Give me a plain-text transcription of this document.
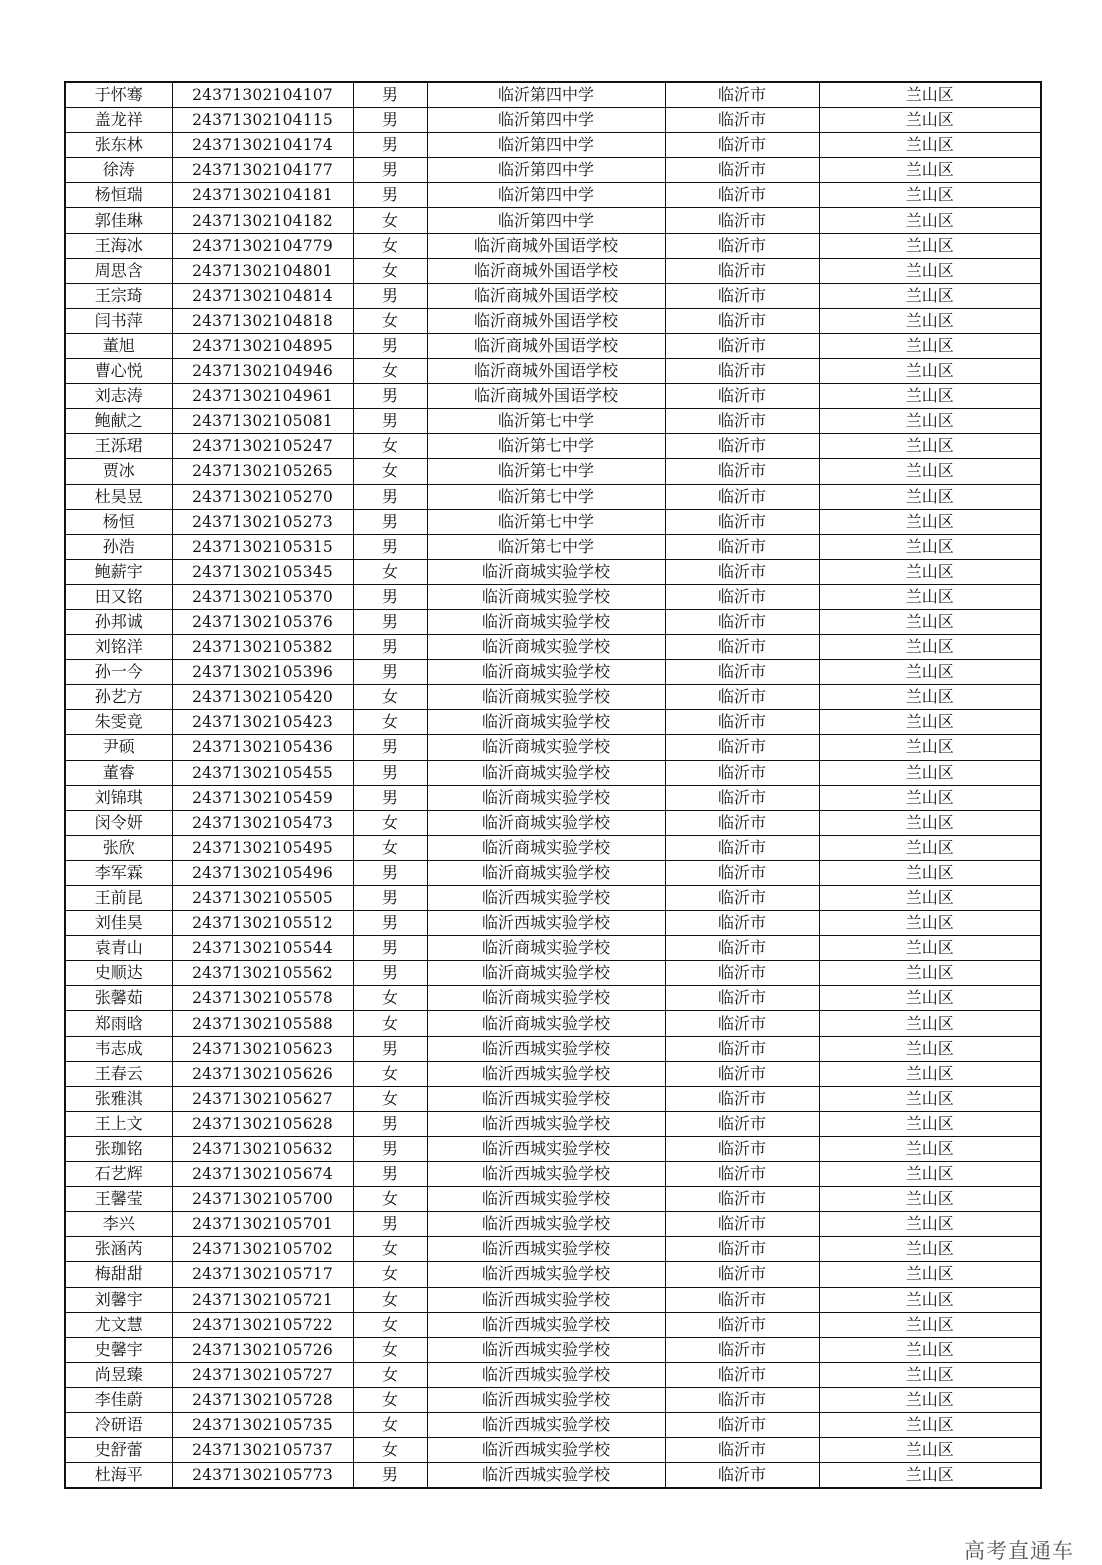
于怀骞	24371302104107	男	临沂第四中学	临沂市	兰山区
盖龙祥	24371302104115	男	临沂第四中学	临沂市	兰山区
张东林	24371302104174	男	临沂第四中学	临沂市	兰山区
徐涛	24371302104177	男	临沂第四中学	临沂市	兰山区
杨恒瑞	24371302104181	男	临沂第四中学	临沂市	兰山区
郭佳琳	24371302104182	女	临沂第四中学	临沂市	兰山区
王海冰	24371302104779	女	临沂商城外国语学校	临沂市	兰山区
周思含	24371302104801	女	临沂商城外国语学校	临沂市	兰山区
王宗琦	24371302104814	男	临沂商城外国语学校	临沂市	兰山区
闫书萍	24371302104818	女	临沂商城外国语学校	临沂市	兰山区
董旭	24371302104895	男	临沂商城外国语学校	临沂市	兰山区
曹心悦	24371302104946	女	临沂商城外国语学校	临沂市	兰山区
刘志涛	24371302104961	男	临沂商城外国语学校	临沂市	兰山区
鲍献之	24371302105081	男	临沂第七中学	临沂市	兰山区
王泺珺	24371302105247	女	临沂第七中学	临沂市	兰山区
贾冰	24371302105265	女	临沂第七中学	临沂市	兰山区
杜昊昱	24371302105270	男	临沂第七中学	临沂市	兰山区
杨恒	24371302105273	男	临沂第七中学	临沂市	兰山区
孙浩	24371302105315	男	临沂第七中学	临沂市	兰山区
鲍薪宇	24371302105345	女	临沂商城实验学校	临沂市	兰山区
田又铭	24371302105370	男	临沂商城实验学校	临沂市	兰山区
孙邦诚	24371302105376	男	临沂商城实验学校	临沂市	兰山区
刘铭洋	24371302105382	男	临沂商城实验学校	临沂市	兰山区
孙一今	24371302105396	男	临沂商城实验学校	临沂市	兰山区
孙艺方	24371302105420	女	临沂商城实验学校	临沂市	兰山区
朱雯竟	24371302105423	女	临沂商城实验学校	临沂市	兰山区
尹硕	24371302105436	男	临沂商城实验学校	临沂市	兰山区
董睿	24371302105455	男	临沂商城实验学校	临沂市	兰山区
刘锦琪	24371302105459	男	临沂商城实验学校	临沂市	兰山区
闵令妍	24371302105473	女	临沂商城实验学校	临沂市	兰山区
张欣	24371302105495	女	临沂商城实验学校	临沂市	兰山区
李军霖	24371302105496	男	临沂商城实验学校	临沂市	兰山区
王前昆	24371302105505	男	临沂西城实验学校	临沂市	兰山区
刘佳昊	24371302105512	男	临沂西城实验学校	临沂市	兰山区
袁青山	24371302105544	男	临沂商城实验学校	临沂市	兰山区
史顺达	24371302105562	男	临沂商城实验学校	临沂市	兰山区
张馨茹	24371302105578	女	临沂商城实验学校	临沂市	兰山区
郑雨晗	24371302105588	女	临沂商城实验学校	临沂市	兰山区
韦志成	24371302105623	男	临沂西城实验学校	临沂市	兰山区
王春云	24371302105626	女	临沂西城实验学校	临沂市	兰山区
张雅淇	24371302105627	女	临沂西城实验学校	临沂市	兰山区
王上文	24371302105628	男	临沂西城实验学校	临沂市	兰山区
张珈铭	24371302105632	男	临沂西城实验学校	临沂市	兰山区
石艺辉	24371302105674	男	临沂西城实验学校	临沂市	兰山区
王馨莹	24371302105700	女	临沂西城实验学校	临沂市	兰山区
李兴	24371302105701	男	临沂西城实验学校	临沂市	兰山区
张涵芮	24371302105702	女	临沂西城实验学校	临沂市	兰山区
梅甜甜	24371302105717	女	临沂西城实验学校	临沂市	兰山区
刘馨宇	24371302105721	女	临沂西城实验学校	临沂市	兰山区
尤文慧	24371302105722	女	临沂西城实验学校	临沂市	兰山区
史馨宇	24371302105726	女	临沂西城实验学校	临沂市	兰山区
尚昱臻	24371302105727	女	临沂西城实验学校	临沂市	兰山区
李佳蔚	24371302105728	女	临沂西城实验学校	临沂市	兰山区
冷研语	24371302105735	女	临沂西城实验学校	临沂市	兰山区
史舒蕾	24371302105737	女	临沂西城实验学校	临沂市	兰山区
杜海平	24371302105773	男	临沂西城实验学校	临沂市	兰山区
高考直通车
